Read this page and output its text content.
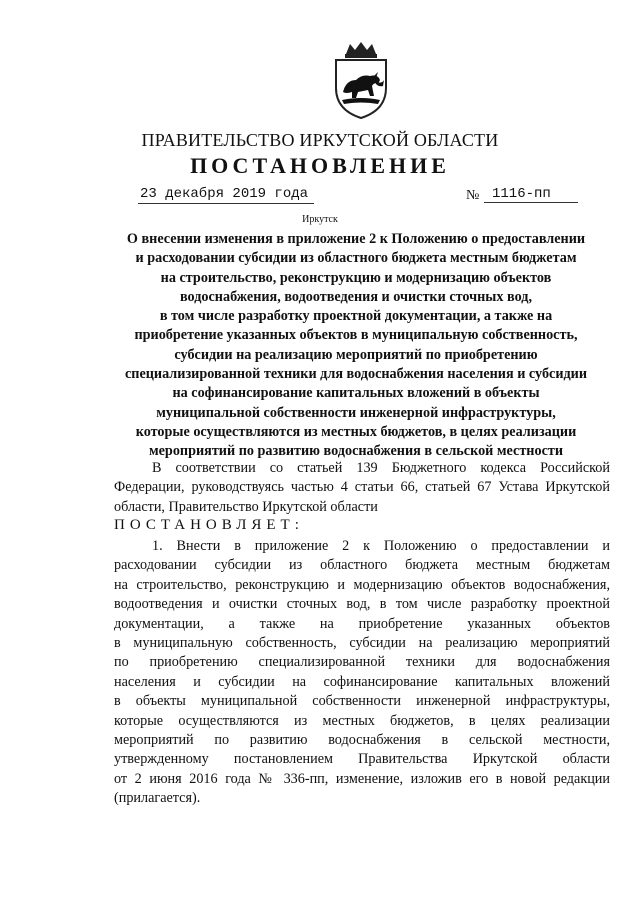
ПРАВИТЕЛЬСТВО ИРКУТСКОЙ ОБЛАСТИ
ПОСТАНОВЛЕНИЕ
23 декабря 2019 года	№ 1116-пп
Иркутск
О внесении изменения в приложение 2 к Положению о предоставлении
и расходовании субсидии из областного бюджета местным бюджетам
на строительство, реконструкцию и модернизацию объектов
водоснабжения, водоотведения и очистки сточных вод,
в том числе разработку проектной документации, а также на
приобретение указанных объектов в муниципальную собственность,
субсидии на реализацию мероприятий по приобретению
специализированной техники для водоснабжения населения и субсидии
на софинансирование капитальных вложений в объекты
муниципальной собственности инженерной инфраструктуры,
которые осуществляются из местных бюджетов, в целях реализации
мероприятий по развитию водоснабжения в сельской местности
В соответствии со статьей 139 Бюджетного кодекса Российской
Федерации, руководствуясь частью 4 статьи 66, статьей 67 Устава Иркутской
области, Правительство Иркутской области
ПОСТАНОВЛЯЕТ:
1. Внести в приложение 2 к Положению о предоставлении и
расходовании субсидии из областного бюджета местным бюджетам
на строительство, реконструкцию и модернизацию объектов водоснабжения,
водоотведения и очистки сточных вод, в том числе разработку проектной
документации, а также на приобретение указанных объектов
в муниципальную собственность, субсидии на реализацию мероприятий
по приобретению специализированной техники для водоснабжения
населения и субсидии на софинансирование капитальных вложений
в объекты муниципальной собственности инженерной инфраструктуры,
которые осуществляются из местных бюджетов, в целях реализации
мероприятий по развитию водоснабжения в сельской местности,
утвержденному постановлением Правительства Иркутской области
от 2 июня 2016 года № 336-пп, изменение, изложив его в новой редакции
(прилагается).
